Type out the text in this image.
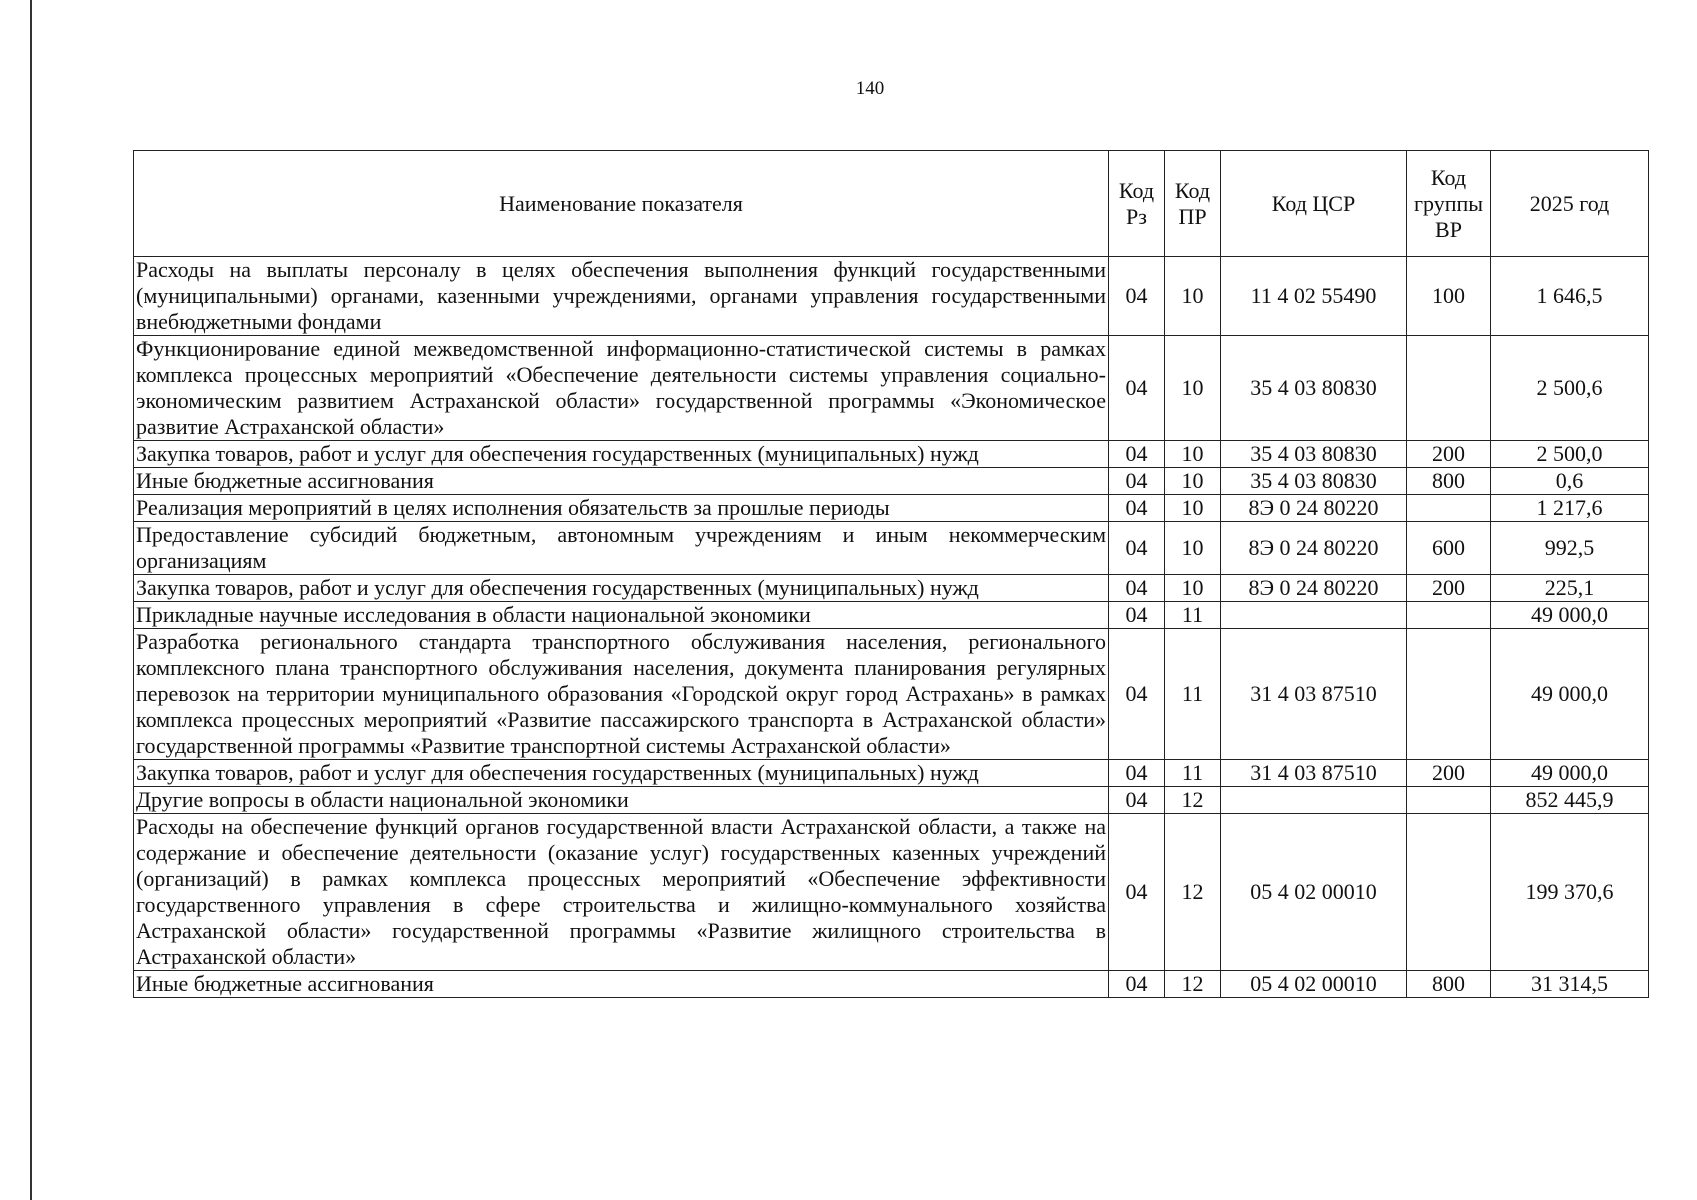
140
Наименование показателя	Код Рз	Код ПР	Код ЦСР	Код группы ВР	2025 год
Расходы на выплаты персоналу в целях обеспечения выполнения функций государственными (муниципальными) органами, казенными учреждениями, органами управления государственными внебюджетными фондами	04	10	11 4 02 55490	100	1 646,5
Функционирование единой межведомственной информационно-статистической системы в рамках комплекса процессных мероприятий «Обеспечение деятельности системы управления социально-экономическим развитием Астраханской области» государственной программы «Экономическое развитие Астраханской области»	04	10	35 4 03 80830		2 500,6
Закупка товаров, работ и услуг для обеспечения государственных (муниципальных) нужд	04	10	35 4 03 80830	200	2 500,0
Иные бюджетные ассигнования	04	10	35 4 03 80830	800	0,6
Реализация мероприятий в целях исполнения обязательств за прошлые периоды	04	10	8Э 0 24 80220		1 217,6
Предоставление субсидий бюджетным, автономным учреждениям и иным некоммерческим организациям	04	10	8Э 0 24 80220	600	992,5
Закупка товаров, работ и услуг для обеспечения государственных (муниципальных) нужд	04	10	8Э 0 24 80220	200	225,1
Прикладные научные исследования в области национальной экономики	04	11			49 000,0
Разработка регионального стандарта транспортного обслуживания населения, регионального комплексного плана транспортного обслуживания населения, документа планирования регулярных перевозок на территории муниципального образования «Городской округ город Астрахань» в рамках комплекса процессных мероприятий «Развитие пассажирского транспорта в Астраханской области» государственной программы «Развитие транспортной системы Астраханской области»	04	11	31 4 03 87510		49 000,0
Закупка товаров, работ и услуг для обеспечения государственных (муниципальных) нужд	04	11	31 4 03 87510	200	49 000,0
Другие вопросы в области национальной экономики	04	12			852 445,9
Расходы на обеспечение функций органов государственной власти Астраханской области, а также на содержание и обеспечение деятельности (оказание услуг) государственных казенных учреждений (организаций) в рамках комплекса процессных мероприятий «Обеспечение эффективности государственного управления в сфере строительства и жилищно-коммунального хозяйства Астраханской области» государственной программы «Развитие жилищного строительства в Астраханской области»	04	12	05 4 02 00010		199 370,6
Иные бюджетные ассигнования	04	12	05 4 02 00010	800	31 314,5
